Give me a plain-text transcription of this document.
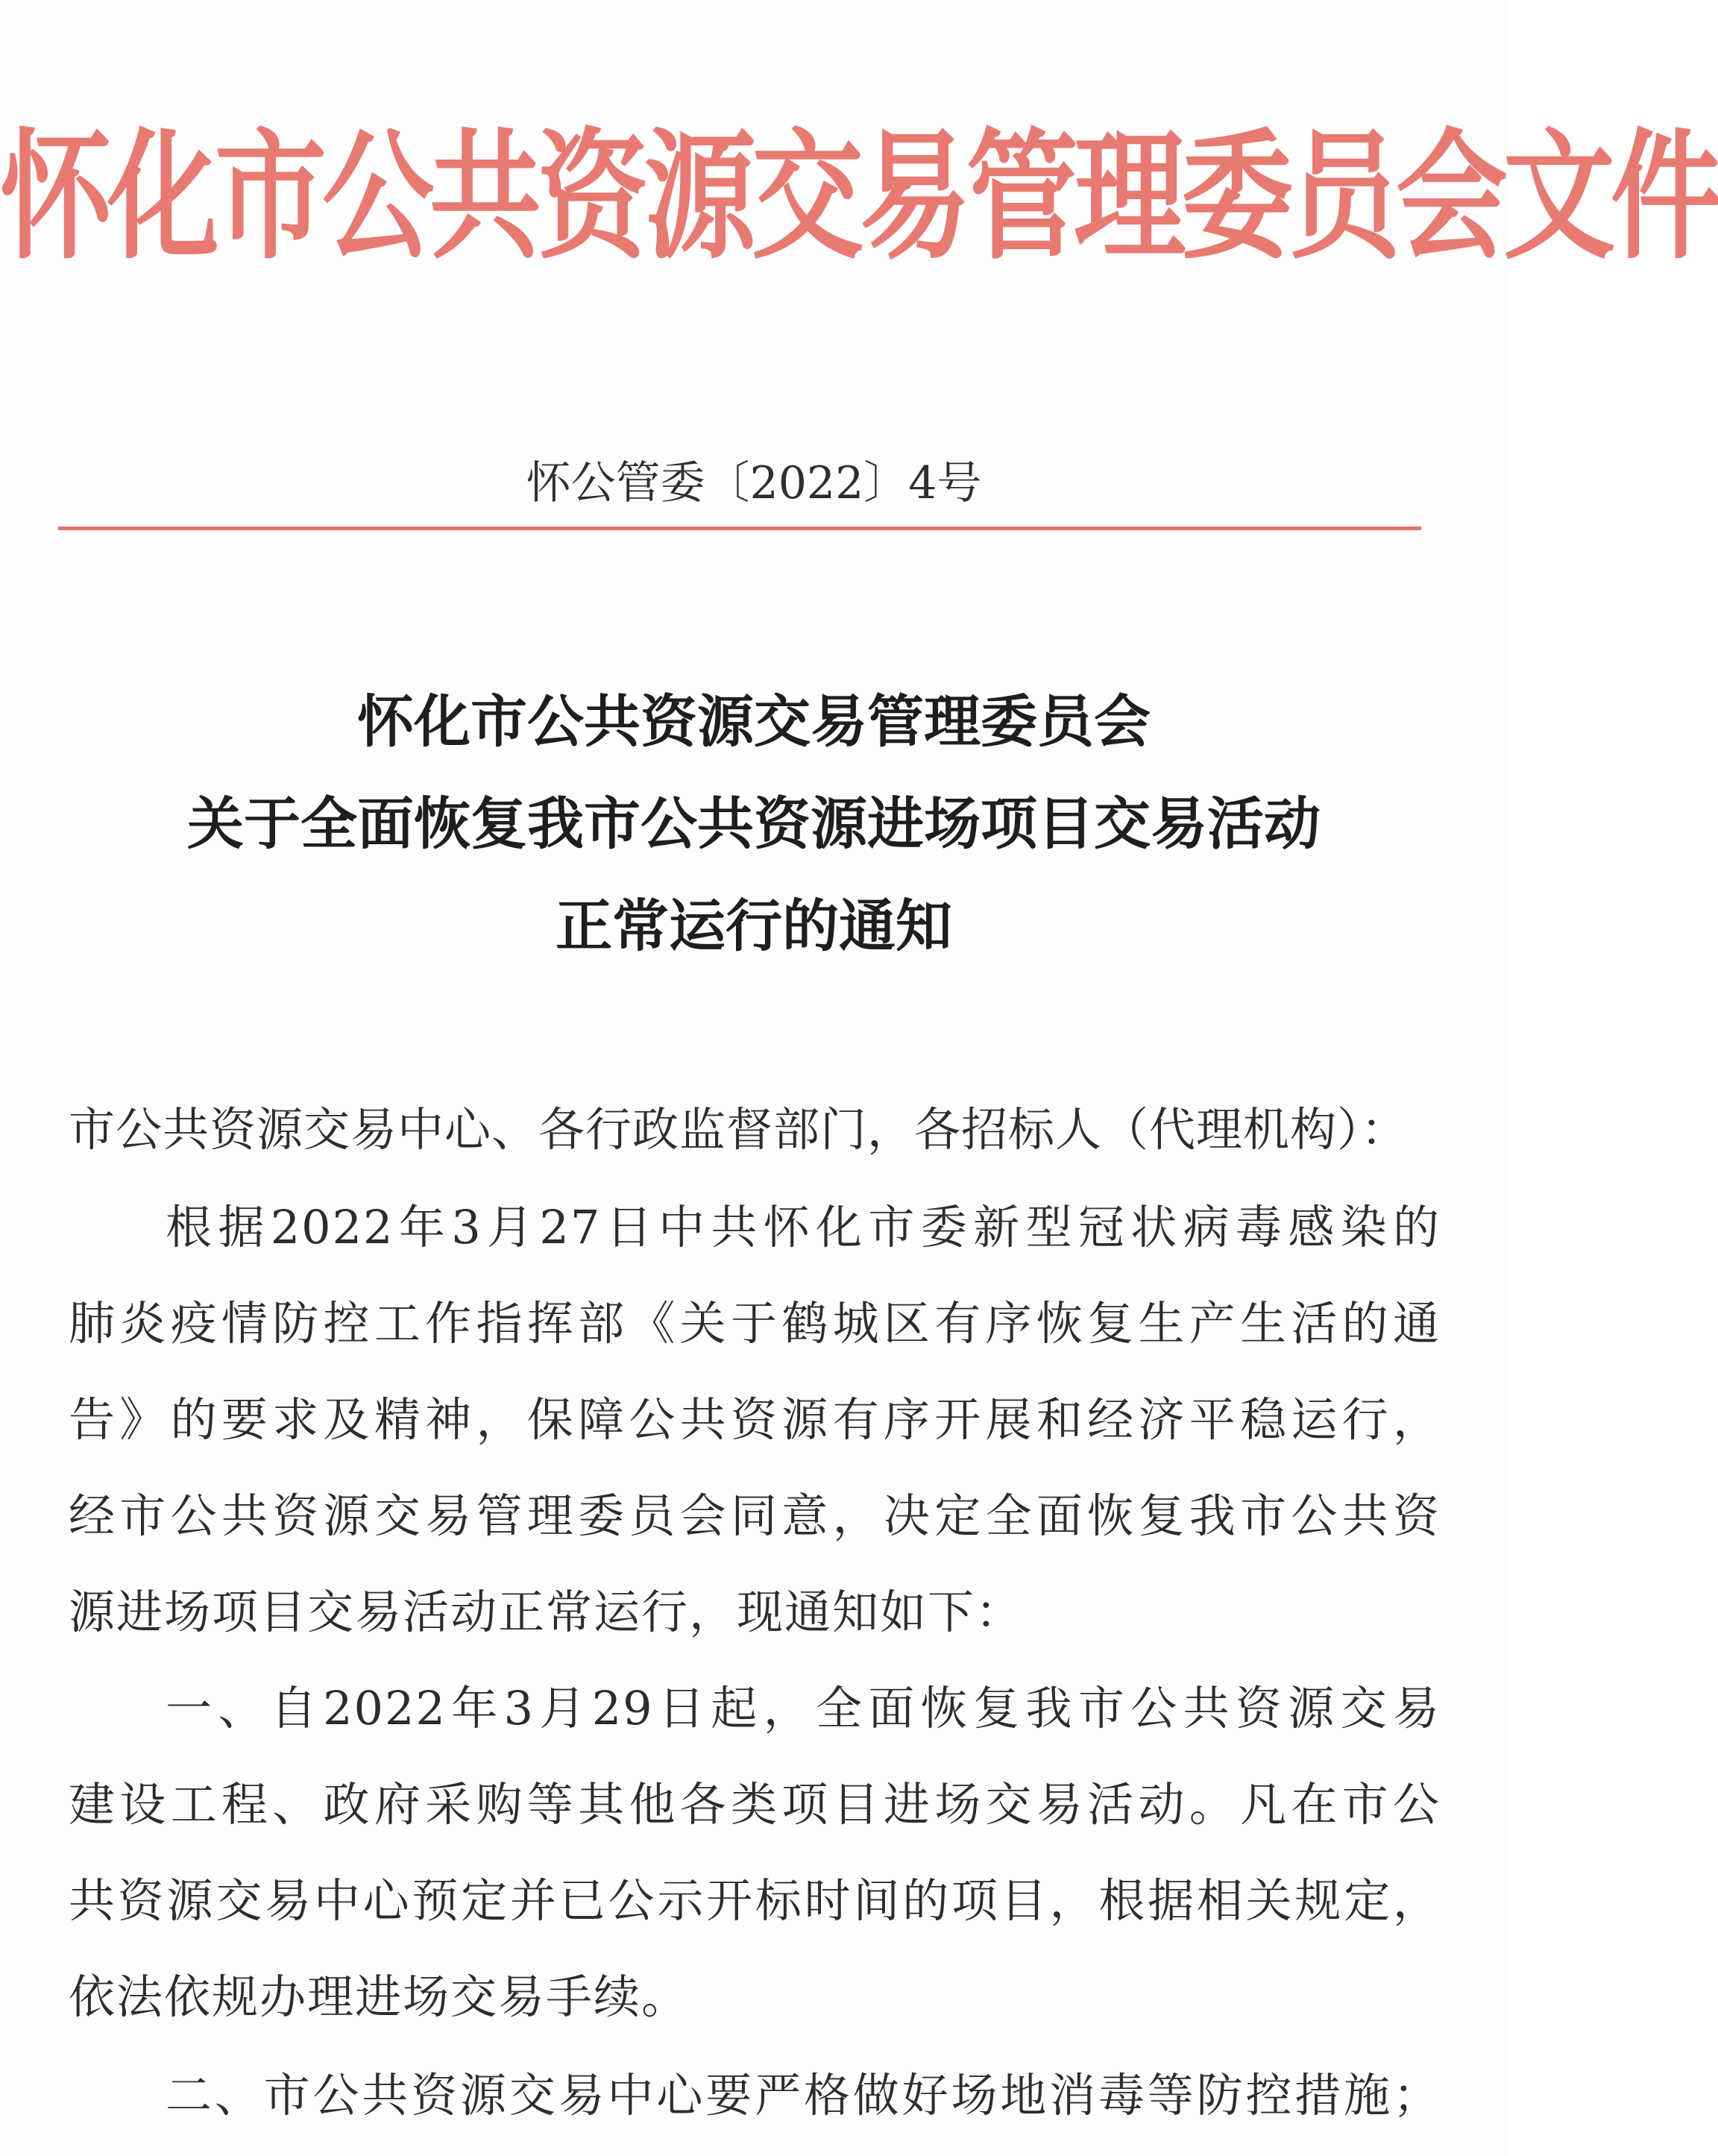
怀化市公共资源交易管理委员会文件
怀公管委〔2022〕4号
怀化市公共资源交易管理委员会
关于全面恢复我市公共资源进场项目交易活动
正常运行的通知
市公共资源交易中心、各行政监督部门，各招标人（代理机构）：
根据2022年3月27日中共怀化市委新型冠状病毒感染的
肺炎疫情防控工作指挥部《关于鹤城区有序恢复生产生活的通
告》的要求及精神，保障公共资源有序开展和经济平稳运行，
经市公共资源交易管理委员会同意，决定全面恢复我市公共资
源进场项目交易活动正常运行，现通知如下：
一、自2022年3月29日起，全面恢复我市公共资源交易
建设工程、政府采购等其他各类项目进场交易活动。凡在市公
共资源交易中心预定并已公示开标时间的项目，根据相关规定，
依法依规办理进场交易手续。
二、市公共资源交易中心要严格做好场地消毒等防控措施；
